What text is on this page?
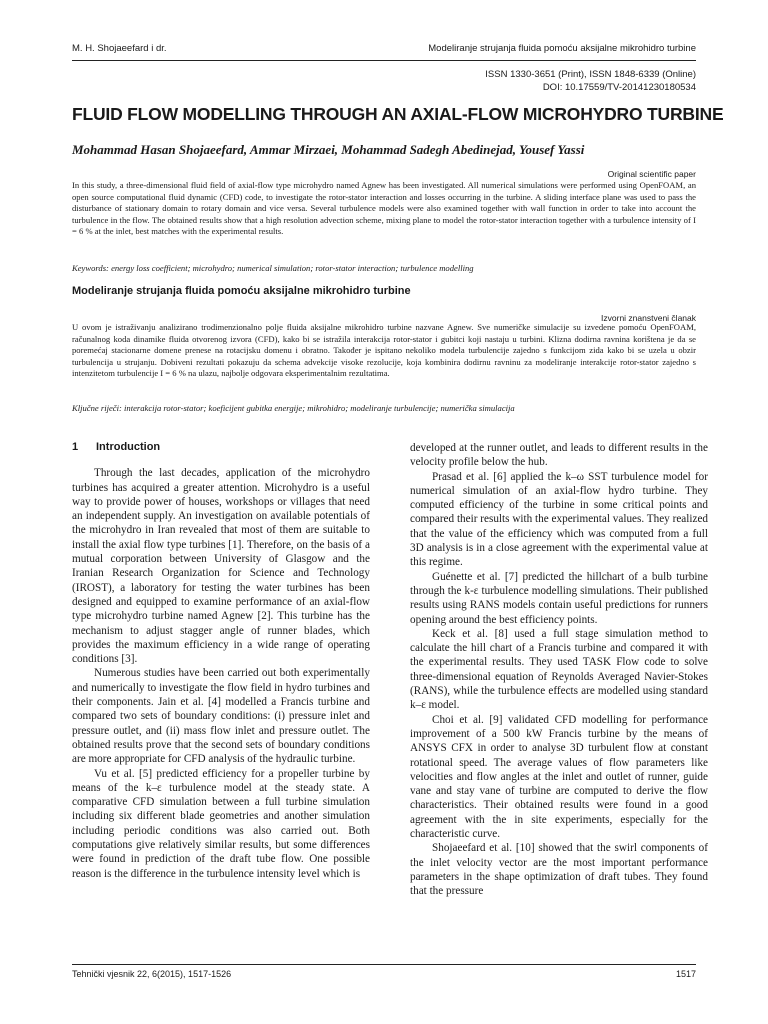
M. H. Shojaeefard i dr.	Modeliranje strujanja fluida pomoću aksijalne mikrohidro turbine
ISSN 1330-3651 (Print), ISSN 1848-6339 (Online)
DOI: 10.17559/TV-20141230180534
FLUID FLOW MODELLING THROUGH AN AXIAL-FLOW MICROHYDRO TURBINE
Mohammad Hasan Shojaeefard, Ammar Mirzaei, Mohammad Sadegh Abedinejad, Yousef Yassi
Original scientific paper
In this study, a three-dimensional fluid field of axial-flow type microhydro named Agnew has been investigated. All numerical simulations were performed using OpenFOAM, an open source computational fluid dynamic (CFD) code, to investigate the rotor-stator interaction and losses occurring in the turbine. A sliding interface plane was used to pass the disturbance of stationary domain to rotary domain and vice versa. Several turbulence models were also examined together with wall function in order to take into account the turbulence in the flow. The obtained results show that a high resolution advection scheme, mixing plane to model the rotor-stator interaction together with a turbulence intensity of I = 6 % at the inlet, best matches with the experimental results.
Keywords: energy loss coefficient; microhydro; numerical simulation; rotor-stator interaction; turbulence modelling
Modeliranje strujanja fluida pomoću aksijalne mikrohidro turbine
Izvorni znanstveni članak
U ovom je istraživanju analizirano trodimenzionalno polje fluida aksijalne mikrohidro turbine nazvane Agnew. Sve numeričke simulacije su izvedene pomoću OpenFOAM, računalnog koda dinamike fluida otvorenog izvora (CFD), kako bi se istražila interakcija rotor-stator i gubitci koji nastaju u turbini. Klizna dodirna ravnina korištena je da se poremećaj stacionarne domene prenese na rotacijsku domenu i obratno. Također je ispitano nekoliko modela turbulencije zajedno s funkcijom zida kako bi se uzela u obzir turbulencija u strujanju. Dobiveni rezultati pokazuju da schema advekcije visoke rezolucije, koja kombinira dodirnu ravninu za modeliranje interakcije rotor-stator zajedno s intenzitetom turbulencije I = 6 % na ulazu, najbolje odgovara eksperimentalnim rezultatima.
Ključne riječi: interakcija rotor-stator; koeficijent gubitka energije; mikrohidro; modeliranje turbulencije; numerička simulacija
1 Introduction

Through the last decades, application of the microhydro turbines has acquired a greater attention. Microhydro is a useful way to provide power of houses, workshops or villages that need an independent supply. An investigation on available potentials of the microhydro in Iran revealed that most of them are suitable to install the axial flow type turbines [1]. Therefore, on the basis of a mutual corporation between University of Glasgow and the Iranian Research Organization for Science and Technology (IROST), a laboratory for testing the water turbines has been designed and equipped to examine performance of an axial-flow type microhydro turbine named Agnew [2]. This turbine has the mechanism to adjust stagger angle of runner blades, which provides the maximum efficiency in a wide range of operating conditions [3].

Numerous studies have been carried out both experimentally and numerically to investigate the flow field in hydro turbines and their components. Jain et al. [4] modelled a Francis turbine and compared two sets of boundary conditions: (i) pressure inlet and pressure outlet, and (ii) mass flow inlet and pressure outlet. The obtained results prove that the second sets of boundary conditions are more appropriate for CFD analysis of the hydraulic turbine.

Vu et al. [5] predicted efficiency for a propeller turbine by means of the k–ε turbulence model at the steady state. A comparative CFD simulation between a full turbine simulation including six different blade geometries and another simulation including periodic conditions was also carried out. Both computations give relatively similar results, but some differences were found in prediction of the draft tube flow. One possible reason is the difference in the turbulence intensity level which is

developed at the runner outlet, and leads to different results in the velocity profile below the hub.

Prasad et al. [6] applied the k–ω SST turbulence model for numerical simulation of an axial-flow hydro turbine. They computed efficiency of the turbine in some critical points and compared their results with the experimental values. They realized that the value of the efficiency which was computed from a full 3D analysis is in a close agreement with the experimental value at this regime.

Guénette et al. [7] predicted the hillchart of a bulb turbine through the k-ε turbulence modelling simulations. Their published results using RANS models contain useful predictions for runners opening around the best efficiency points.

Keck et al. [8] used a full stage simulation method to calculate the hill chart of a Francis turbine and compared it with the experimental results. They used TASK Flow code to solve three-dimensional equation of Reynolds Averaged Navier-Stokes (RANS), while the turbulence effects are modelled using standard k–ε model.

Choi et al. [9] validated CFD modelling for performance improvement of a 500 kW Francis turbine by the means of ANSYS CFX in order to analyse 3D turbulent flow at constant rotational speed. The average values of flow parameters like velocities and flow angles at the inlet and outlet of runner, guide vane and stay vane of turbine are computed to derive the flow characteristics. Their obtained results were found in a good agreement with the in site experiments, especially for the characteristic curve.

Shojaeefard et al. [10] showed that the swirl components of the inlet velocity vector are the most important performance parameters in the shape optimization of draft tubes. They found that the pressure

Tehnički vjesnik 22, 6(2015), 1517-1526	1517
